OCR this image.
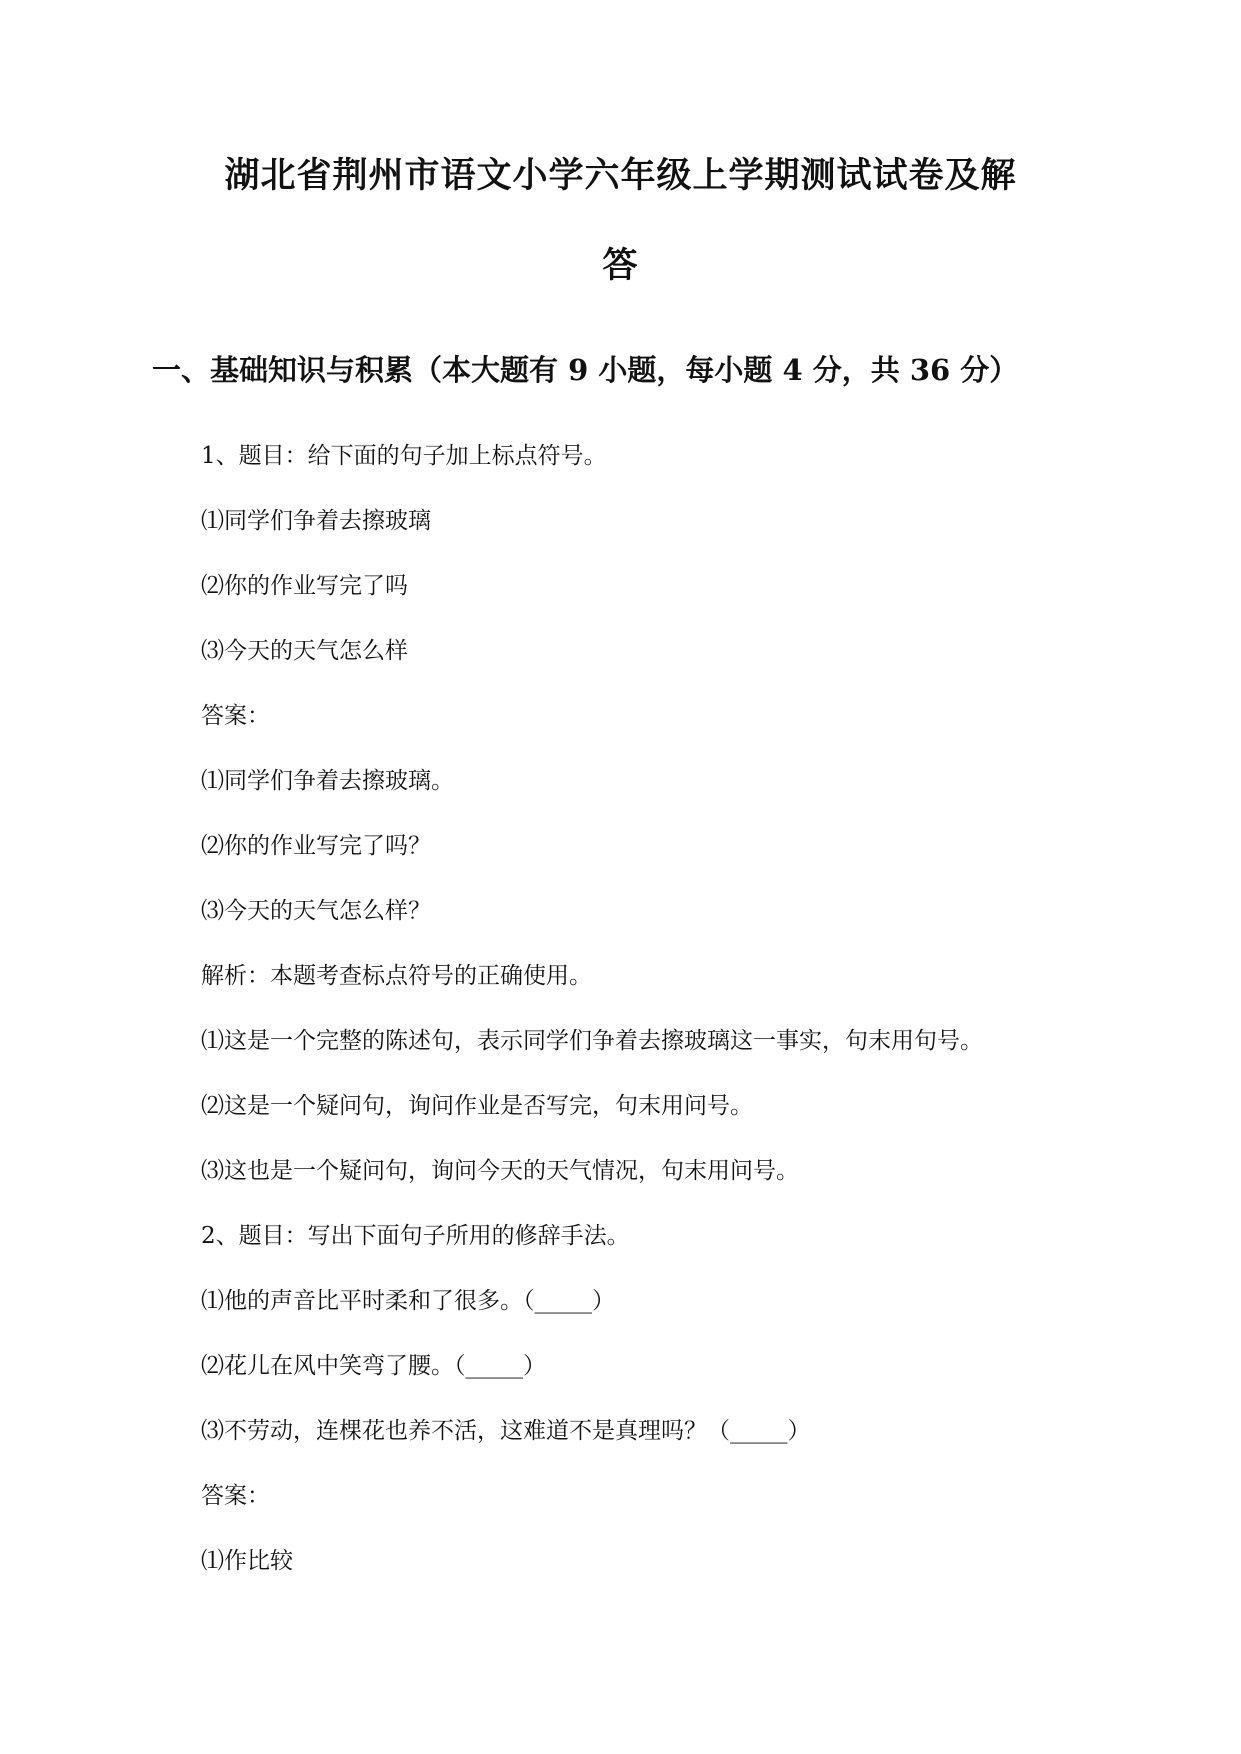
湖北省荆州市语文小学六年级上学期测试试卷及解
答
一、基础知识与积累（本大题有 9 小题，每小题 4 分，共 36 分）
1、题目：给下面的句子加上标点符号。
⑴同学们争着去擦玻璃
⑵你的作业写完了吗
⑶今天的天气怎么样
答案：
⑴同学们争着去擦玻璃。
⑵你的作业写完了吗？
⑶今天的天气怎么样？
解析：本题考查标点符号的正确使用。
⑴这是一个完整的陈述句，表示同学们争着去擦玻璃这一事实，句末用句号。
⑵这是一个疑问句，询问作业是否写完，句末用问号。
⑶这也是一个疑问句，询问今天的天气情况，句末用问号。
2、题目：写出下面句子所用的修辞手法。
⑴他的声音比平时柔和了很多。（_____）
⑵花儿在风中笑弯了腰。（_____）
⑶不劳动，连棵花也养不活，这难道不是真理吗？（_____）
答案：
⑴作比较
